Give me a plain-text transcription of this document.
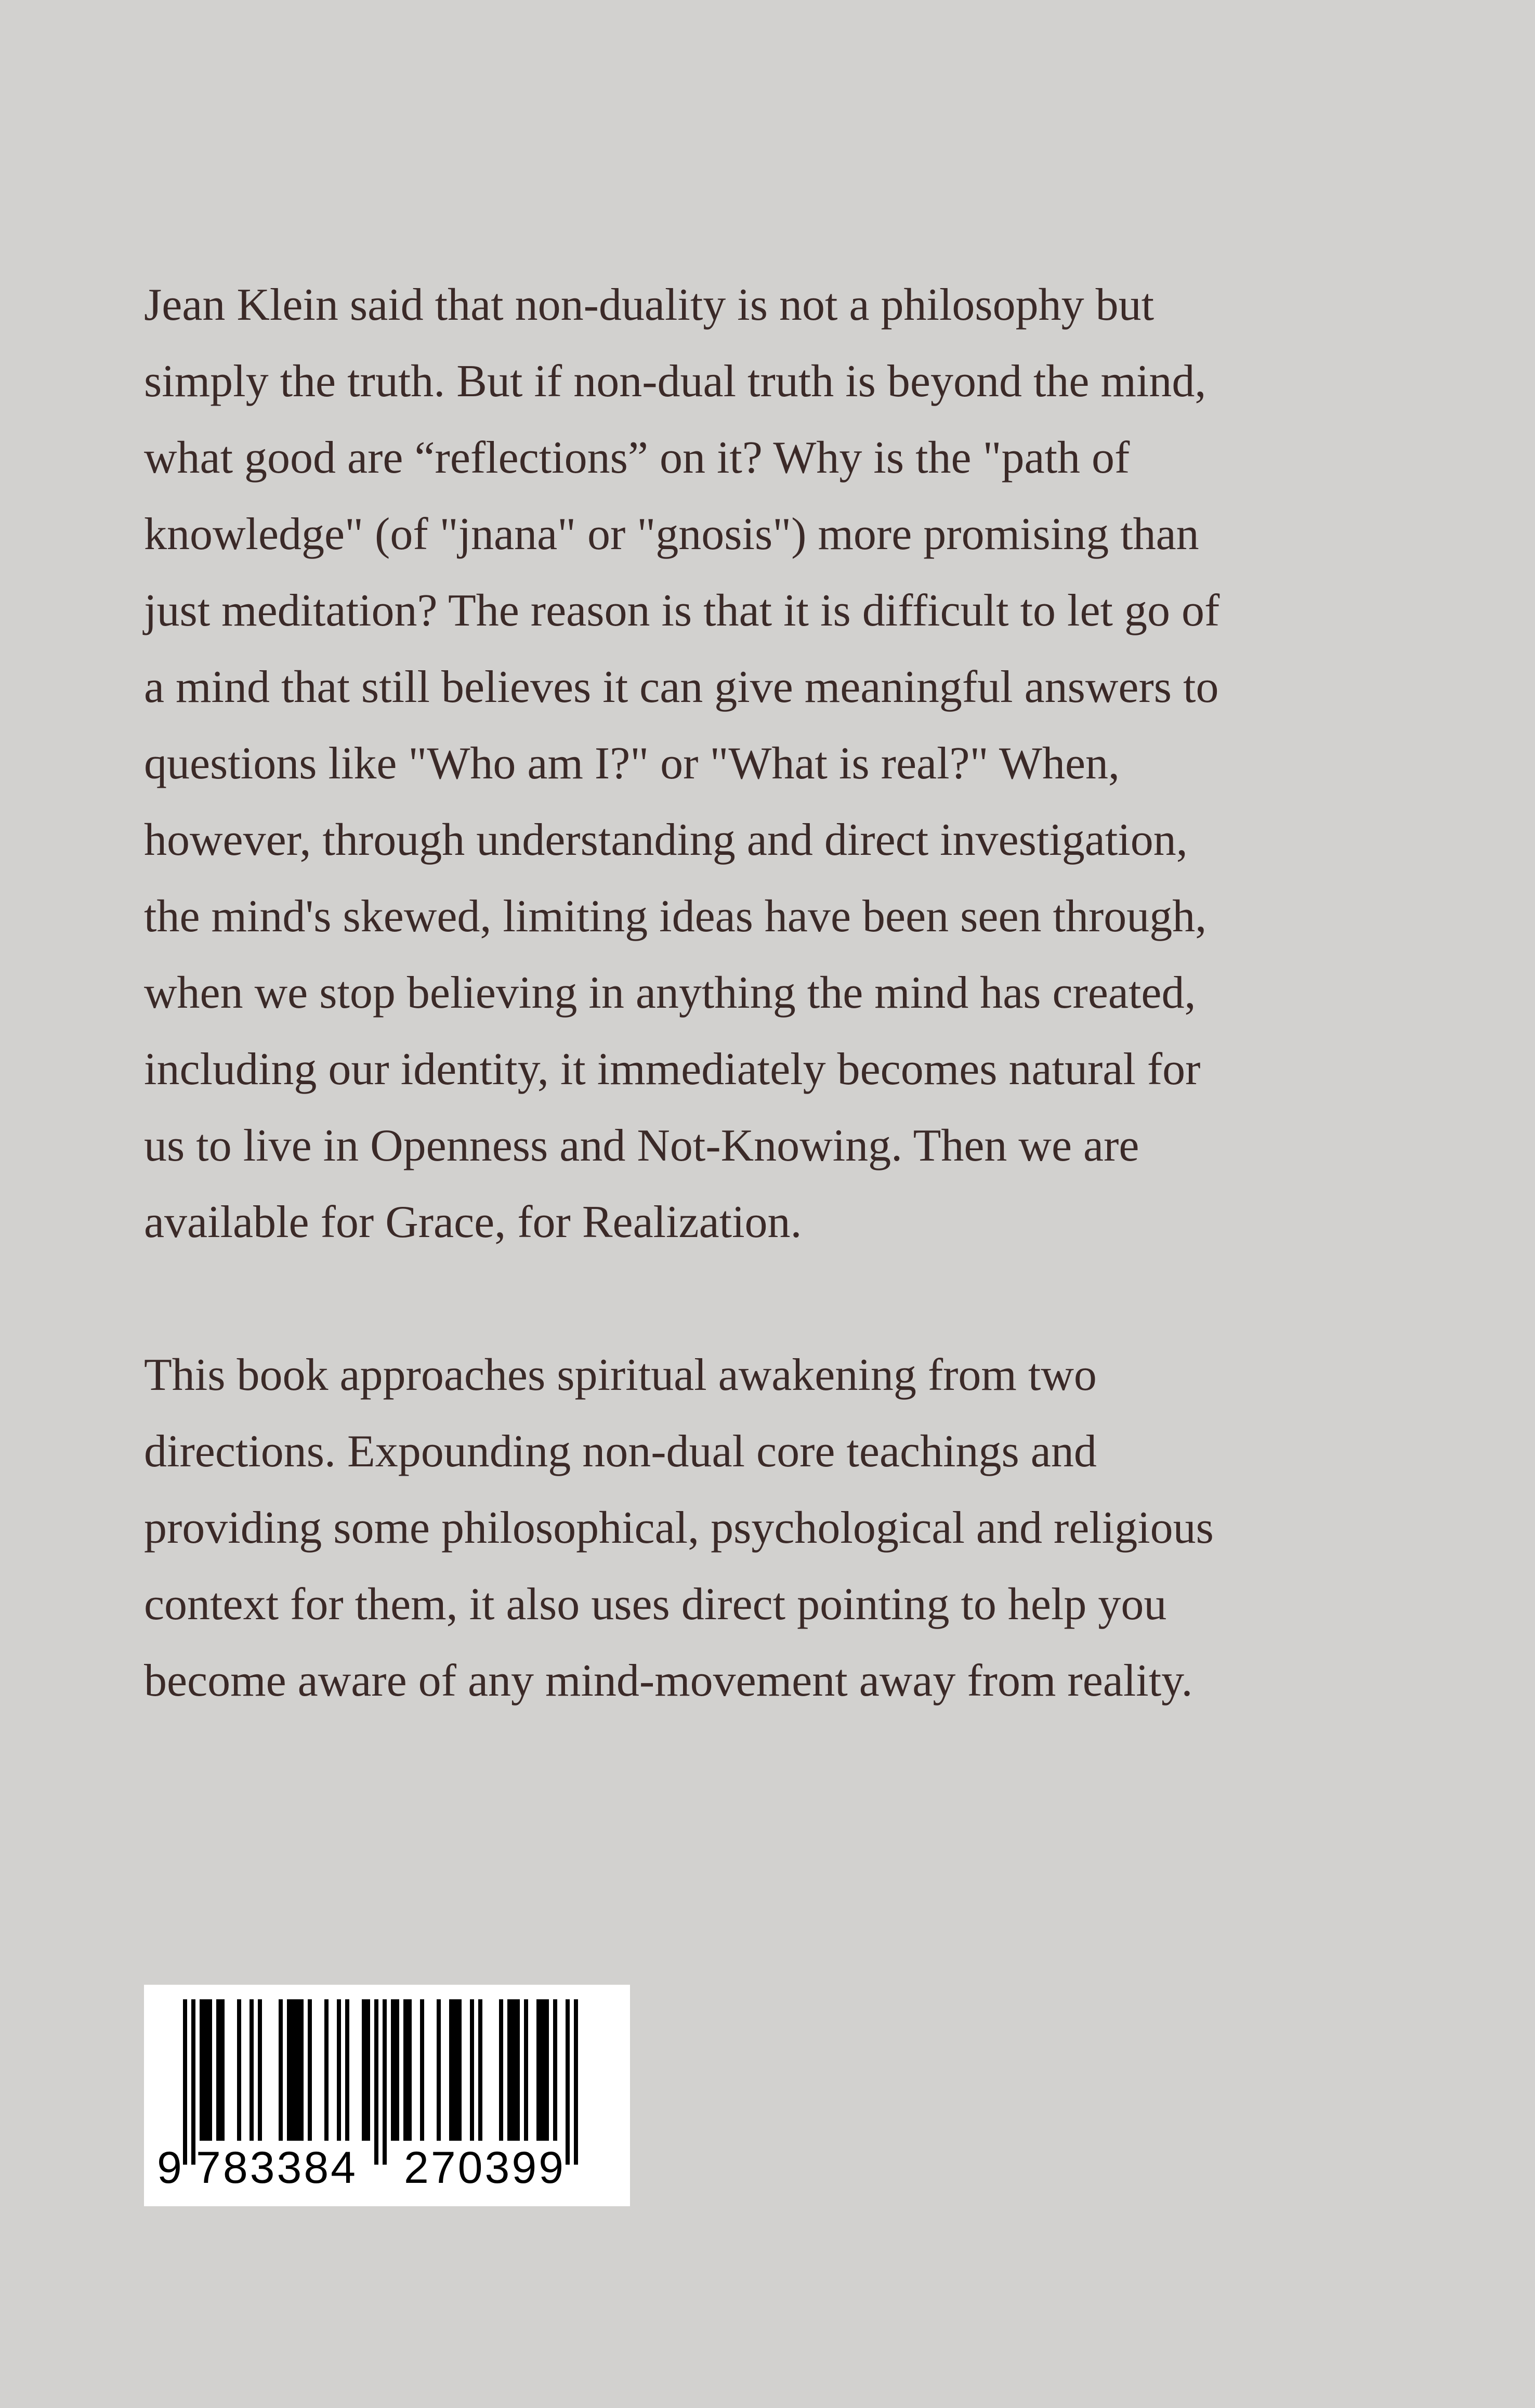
Jean Klein said that non-duality is not a philosophy but
simply the truth. But if non-dual truth is beyond the mind,
what good are “reflections” on it? Why is the "path of
knowledge" (of "jnana" or "gnosis") more promising than
just meditation? The reason is that it is difficult to let go of
a mind that still believes it can give meaningful answers to
questions like "Who am I?" or "What is real?" When,
however, through understanding and direct investigation,
the mind's skewed, limiting ideas have been seen through,
when we stop believing in anything the mind has created,
including our identity, it immediately becomes natural for
us to live in Openness and Not-Knowing. Then we are
available for Grace, for Realization.

This book approaches spiritual awakening from two
directions. Expounding non-dual core teachings and
providing some philosophical, psychological and religious
context for them, it also uses direct pointing to help you
become aware of any mind-movement away from reality.

9 783384 270399
